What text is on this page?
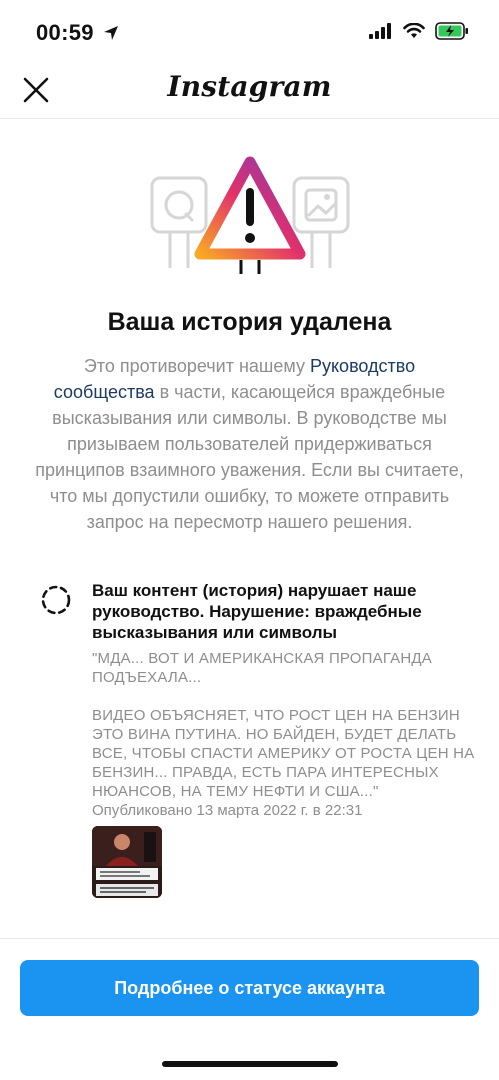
00:59
Instagram
Ваша история удалена
Это противоречит нашему Руководство сообщества в части, касающейся враждебные высказывания или символы. В руководстве мы призываем пользователей придерживаться принципов взаимного уважения. Если вы считаете, что мы допустили ошибку, то можете отправить запрос на пересмотр нашего решения.
Ваш контент (история) нарушает наше руководство. Нарушение: враждебные высказывания или символы

"МДА... ВОТ И АМЕРИКАНСКАЯ ПРОПАГАНДА ПОДЪЕХАЛА...

ВИДЕО ОБЪЯСНЯЕТ, ЧТО РОСТ ЦЕН НА БЕНЗИН ЭТО ВИНА ПУТИНА. НО БАЙДЕН, БУДЕТ ДЕЛАТЬ ВСЕ, ЧТОБЫ СПАСТИ АМЕРИКУ ОТ РОСТА ЦЕН НА БЕНЗИН... ПРАВДА, ЕСТЬ ПАРА ИНТЕРЕСНЫХ НЮАНСОВ, НА ТЕМУ НЕФТИ И США..."

Опубликовано 13 марта 2022 г. в 22:31
Подробнее о статусе аккаунта
